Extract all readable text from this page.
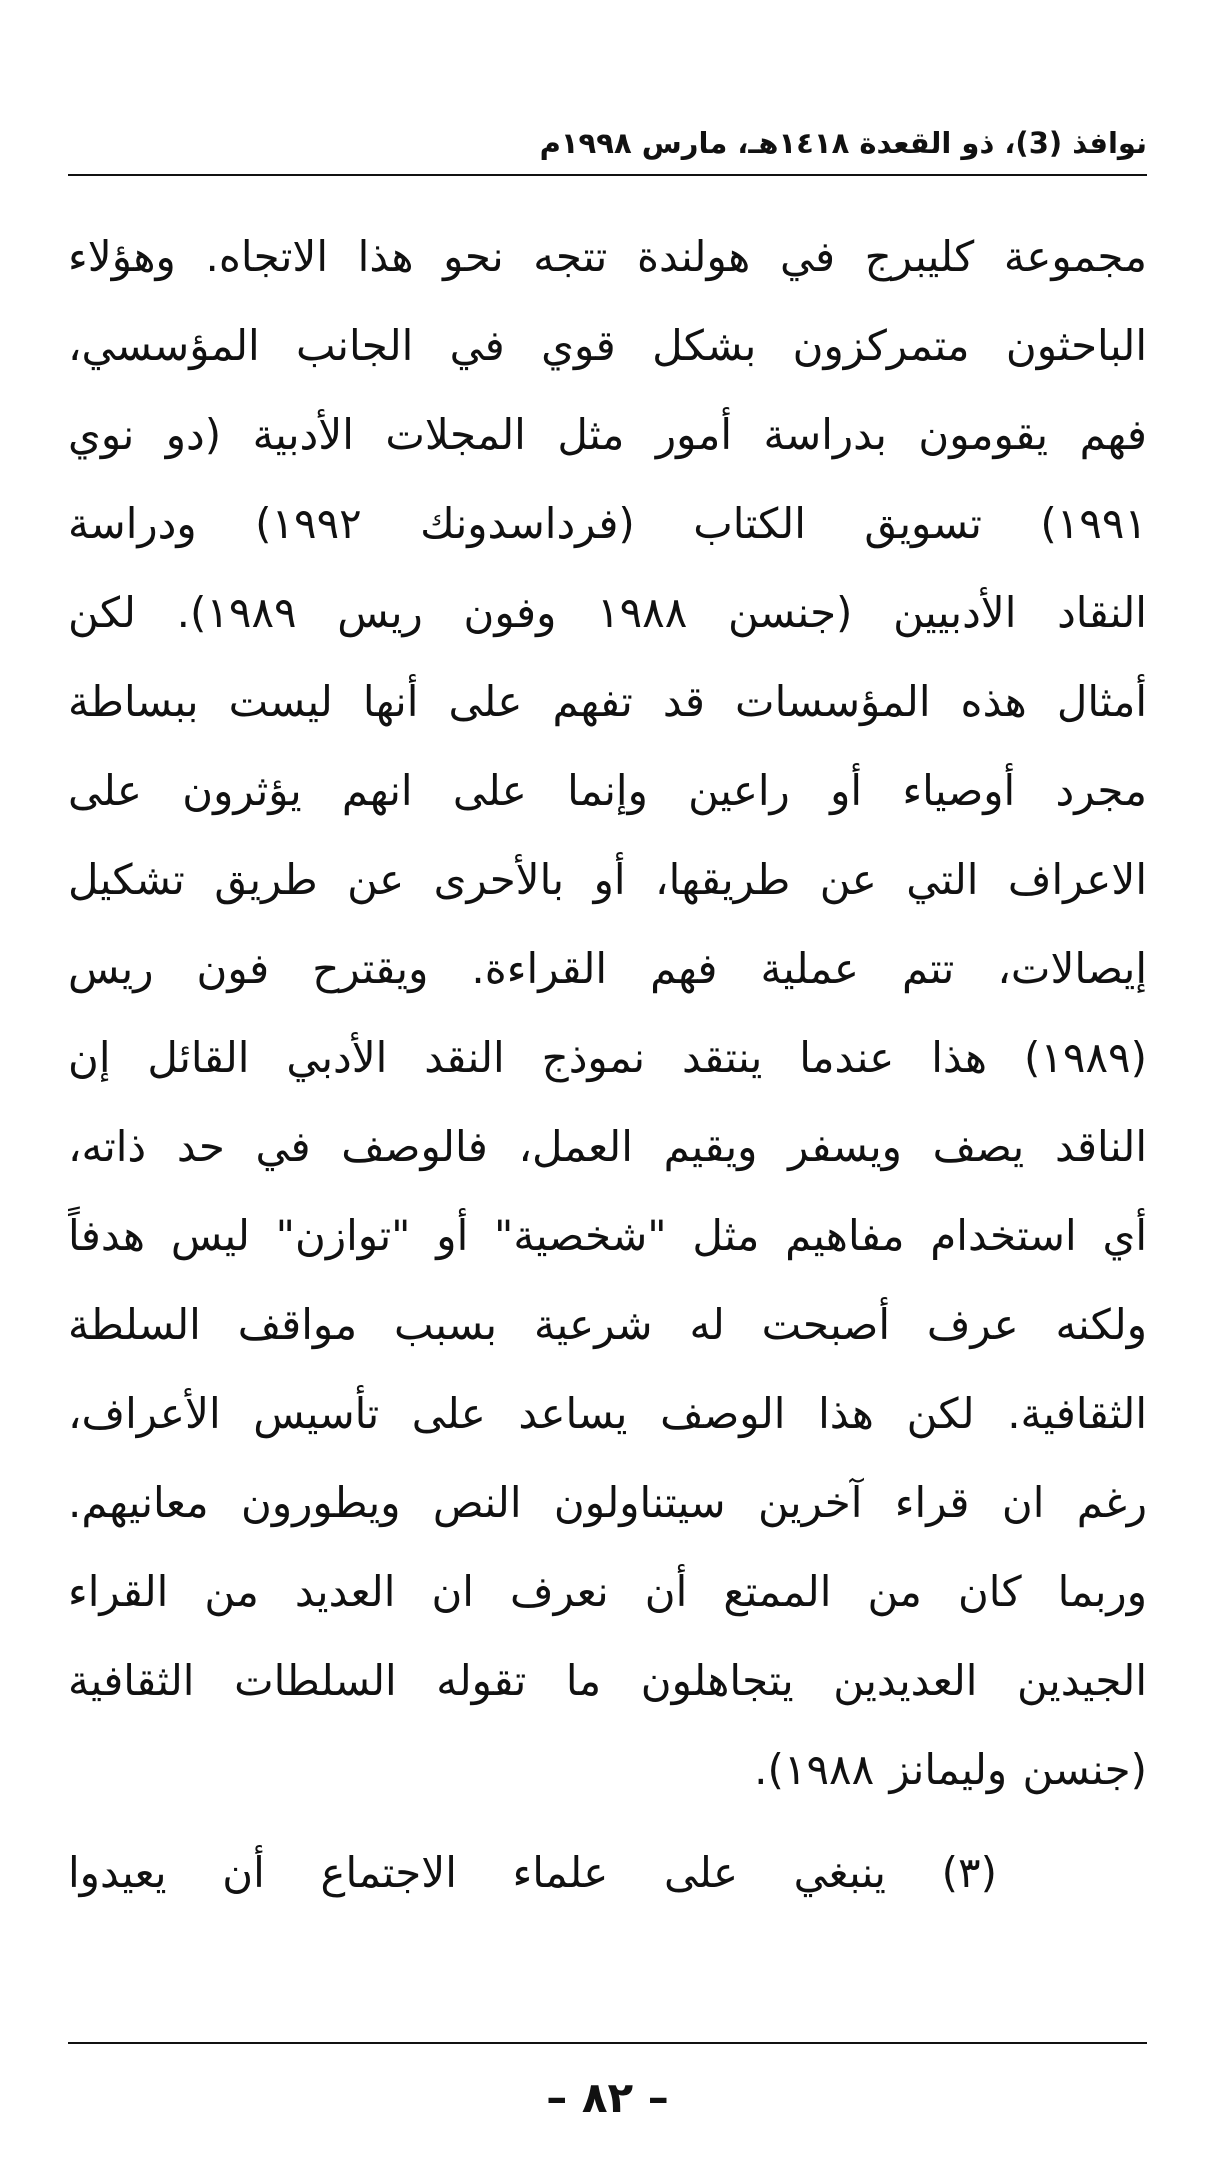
نوافذ (3)، ذو القعدة ١٤١٨هـ، مارس ١٩٩٨م
مجموعة كليبرج في هولندة تتجه نحو هذا الاتجاه. وهؤلاء
الباحثون متمركزون بشكل قوي في الجانب المؤسسي،
فهم يقومون بدراسة أمور مثل المجلات الأدبية (دو نوي
١٩٩١) تسويق الكتاب (فرداسدونك ١٩٩٢) ودراسة
النقاد الأدبيين (جنسن ١٩٨٨ وفون ريس ١٩٨٩). لكن
أمثال هذه المؤسسات قد تفهم على أنها ليست ببساطة
مجرد أوصياء أو راعين وإنما على انهم يؤثرون على
الاعراف التي عن طريقها، أو بالأحرى عن طريق تشكيل
إيصالات، تتم عملية فهم القراءة. ويقترح فون ريس
(١٩٨٩) هذا عندما ينتقد نموذج النقد الأدبي القائل إن
الناقد يصف ويسفر ويقيم العمل، فالوصف في حد ذاته،
أي استخدام مفاهيم مثل "شخصية" أو "توازن" ليس هدفاً
ولكنه عرف أصبحت له شرعية بسبب مواقف السلطة
الثقافية. لكن هذا الوصف يساعد على تأسيس الأعراف،
رغم ان قراء آخرين سيتناولون النص ويطورون معانيهم.
وربما كان من الممتع أن نعرف ان العديد من القراء
الجيدين العديدين يتجاهلون ما تقوله السلطات الثقافية
(جنسن وليمانز ١٩٨٨).
(٣) ينبغي على علماء الاجتماع أن يعيدوا
– ٨٢ –
